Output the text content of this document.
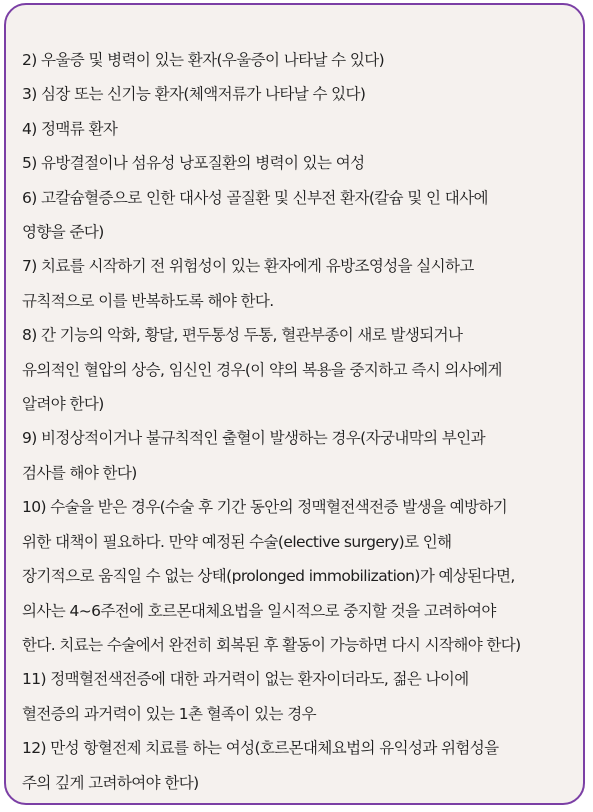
2) 우울증 및 병력이 있는 환자(우울증이 나타날 수 있다)

3) 심장 또는 신기능 환자(체액저류가 나타날 수 있다)

4) 정맥류 환자

5) 유방결절이나 섬유성 낭포질환의 병력이 있는 여성

6) 고칼슘혈증으로 인한 대사성 골질환 및 신부전 환자(칼슘 및 인 대사에

영향을 준다)

7) 치료를 시작하기 전 위험성이 있는 환자에게 유방조영성을 실시하고

규칙적으로 이를 반복하도록 해야 한다.

8) 간 기능의 악화, 황달, 편두통성 두통, 혈관부종이 새로 발생되거나

유의적인 혈압의 상승, 임신인 경우(이 약의 복용을 중지하고 즉시 의사에게

알려야 한다)

9) 비정상적이거나 불규칙적인 출혈이 발생하는 경우(자궁내막의 부인과

검사를 해야 한다)

10) 수술을 받은 경우(수술 후 기간 동안의 정맥혈전색전증 발생을 예방하기

위한 대책이 필요하다. 만약 예정된 수술(elective surgery)로 인해

장기적으로 움직일 수 없는 상태(prolonged immobilization)가 예상된다면,

의사는 4~6주전에 호르몬대체요법을 일시적으로 중지할 것을 고려하여야

한다. 치료는 수술에서 완전히 회복된 후 활동이 가능하면 다시 시작해야 한다)

11) 정맥혈전색전증에 대한 과거력이 없는 환자이더라도, 젊은 나이에

혈전증의 과거력이 있는 1촌 혈족이 있는 경우

12) 만성 항혈전제 치료를 하는 여성(호르몬대체요법의 유익성과 위험성을

주의 깊게 고려하여야 한다)
